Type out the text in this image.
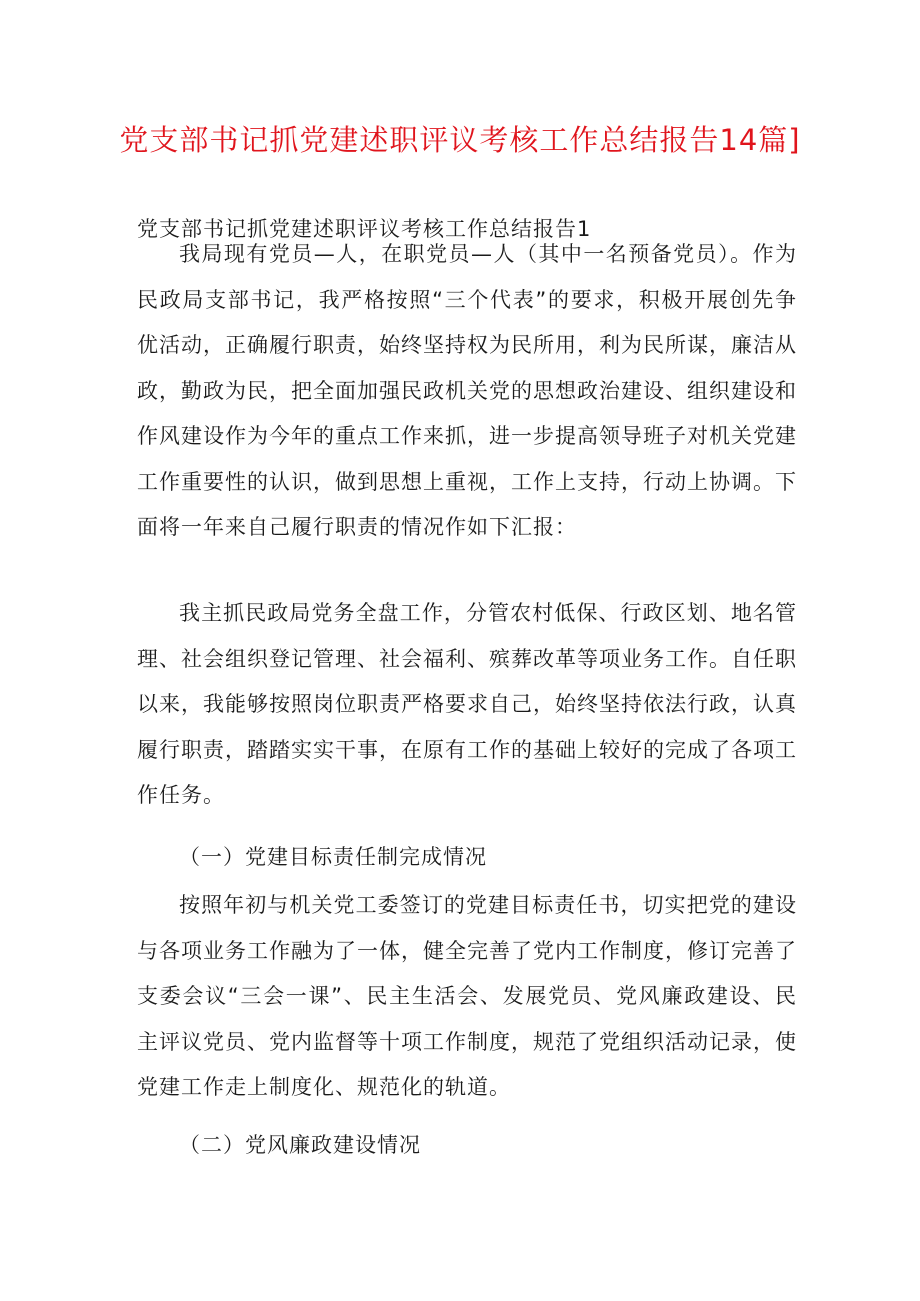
党支部书记抓党建述职评议考核工作总结报告14篇]
党支部书记抓党建述职评议考核工作总结报告1

我局现有党员—人，在职党员—人（其中一名预备党员）。作为民政局支部书记，我严格按照“三个代表”的要求，积极开展创先争优活动，正确履行职责，始终坚持权为民所用，利为民所谋，廉洁从政，勤政为民，把全面加强民政机关党的思想政治建设、组织建设和作风建设作为今年的重点工作来抓，进一步提高领导班子对机关党建工作重要性的认识，做到思想上重视，工作上支持，行动上协调。下面将一年来自己履行职责的情况作如下汇报：

我主抓民政局党务全盘工作，分管农村低保、行政区划、地名管理、社会组织登记管理、社会福利、殡葬改革等项业务工作。自任职以来，我能够按照岗位职责严格要求自己，始终坚持依法行政，认真履行职责，踏踏实实干事，在原有工作的基础上较好的完成了各项工作任务。

（一）党建目标责任制完成情况

按照年初与机关党工委签订的党建目标责任书，切实把党的建设与各项业务工作融为了一体，健全完善了党内工作制度，修订完善了支委会议“三会一课”、民主生活会、发展党员、党风廉政建设、民主评议党员、党内监督等十项工作制度，规范了党组织活动记录，使党建工作走上制度化、规范化的轨道。

（二）党风廉政建设情况
